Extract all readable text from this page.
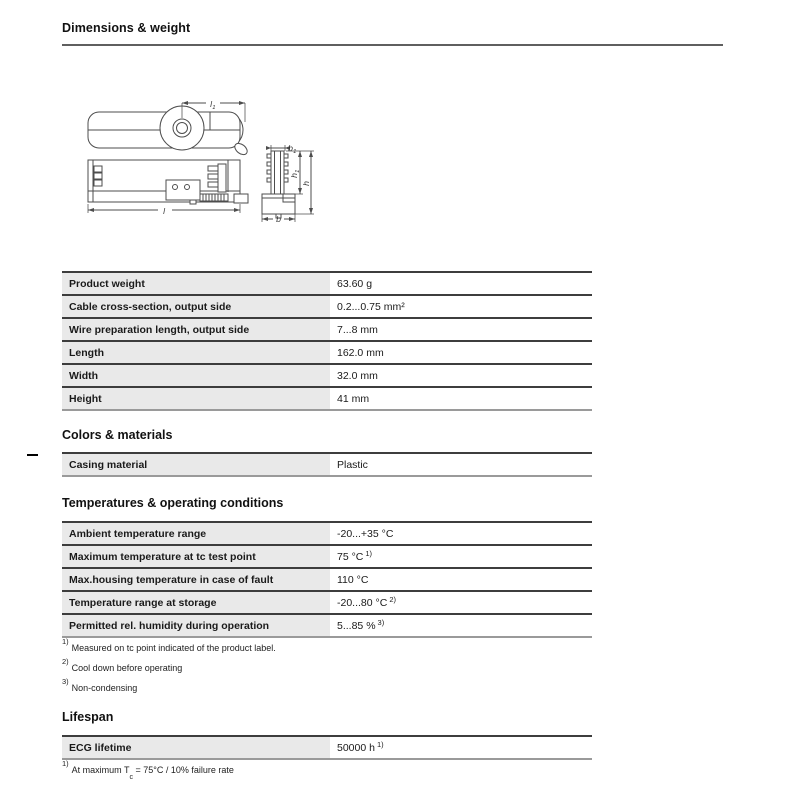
Dimensions & weight
$l_1$
l
$b_1$
$h_1$
h
b
Product weight	63.60 g
Cable cross-section, output side	0.2...0.75 mm²
Wire preparation length, output side	7...8 mm
Length	162.0 mm
Width	32.0 mm
Height	41 mm
Colors & materials
Casing material	Plastic
Temperatures & operating conditions
Ambient temperature range	-20...+35 °C
Maximum temperature at tc test point	75 °C $^{1)}$
Max.housing temperature in case of fault	110 °C
Temperature range at storage	-20...80 °C $^{2)}$
Permitted rel. humidity during operation	5...85 % $^{3)}$
$^{1)}$Measured on tc point indicated of the product label.
$^{2)}$Cool down before operating
$^{3)}$Non-condensing
Lifespan
ECG lifetime	50000 h $^{1)}$
$^{1)}$At maximum $T_c = 75^\circ C / 10\%$ failure rate
